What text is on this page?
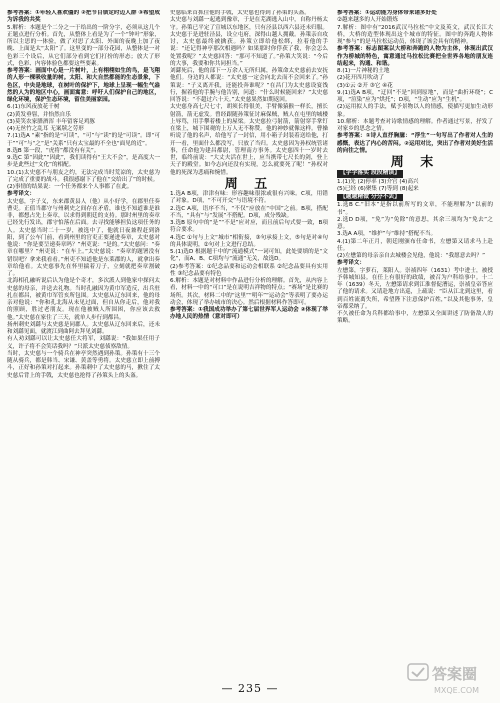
参考答案：①年轻人喜欢僵的 ②把节目锁定时迈人群 ③希望成为诉我的共奖

5.解析：本题是个二分之一于给出的一阶分字，必须从这几个正题点进行分析。首先，从整体上看是为了一个“钟叶”形象，所以主思的一体验，做了对思了太阳、外面的夜晚上加了夜晚、上面是太“太阳”了。这里变的一部分花园，从整体是一对色彩三个设后，从它们部分看到它们打扮的形态；放大了形式，色彩、内容体验色都要这些要素。

参考答案：画面中心是一片树叶，上有栩栩如生的鸟，是飞翔的人形一棵吸收量的树。太阳、和大自然都能的生态景象，下色区，中央是地球，在树叶的保护下，地球上呈现一幅生气盎然的人为的地区中心，画面寓意：呼吁人们保护自己的地区，绿化环境，保护生态环境，留住美丽家园。

6.(1)东风夜放花千树

(2)黄发垂髫，并怡然自乐

(3)莫笑农家腊酒浑 丰年留客足鸡豚

(4)无丝竹之乱耳 无案牍之劳形

7.(1)选A “素”指的是“可读”，“可”与“读”的是“可读”。即“可于”“可”与“之”是“关系”只有太宝最的不全也“面见的近”。

8.选B 第一段，“虎将”都没有有关”。

9.选C 第“因此”“因此”，我们读得有“王大不会”，是高度大一步是此些过“文化”的相配。

10.(1)太史慈不与朋友之约，无法完成当时荒凉的，太史慈为了完成了重要的战斗。我很感谢下了他在“交给出了”的时候。

(2)事情的结果说：一个任务都来个人事都了在此。

参考译文：

太史慈，字子义，东来郡黄县人（他）从小好学，在郡里任奏曹吏。正值当郡守与州刺史之间存在矛盾，谁也不知道谁是谁非，都想占先上奏章，以求得到朝廷的支持。那时州里的奏章已经先行发出，郡守怕落在后面。去寻找能够担负这项任务的人。太史慈当时二十一岁，被选中了，他就日夜兼程赶到洛阳，到了公车门前，看到州里的官吏正要递进奏章，太史慈对他说：“你是要呈递奏章吗？”州吏说：“是的。”太史慈问：“奏章在哪里？”州吏说：“在车上。”太史慈说：“奏章的题署没有错误吧？拿来我看看。”州吏不知道他是东莱郡的人，就拿出奏章给他看。太史慈事先在怀里揣着刀子，立刻就把奏章割破了。

北海相孔融听说后认为他是个奇才，多次派人到他家中探问太史慈的母亲，并送去礼物。当时孔融因为黄巾军造反，出兵驻扎在都昌，被黄巾军管亥所包围。太史慈从辽东回来，他的母亲对他说：“你和孔北海从未见过面，但自从你走后，他对我的照顾，胜过老朋友。现在他被贼人所围困，你应该去救他。”太史慈在家住了三天，就单人步行到都昌。

扬州刺史刘繇与太史慈是同郡人。太史慈从辽东回来后，还未和刘繇见面，就渡江到曲阿去拜见刘繇。

有人劝刘繇可以让太史慈任大将军，刘繇说：“我如果任用子义，许子将不会笑话我吗？”只派太史慈侦察敌情。

当时，太史慈与一个骑兵在神亭突然遇到孙策。孙策有十三个随从骑兵，都是韩当、宋谦、黄盖等勇将。太史慈立即上前搏斗，正好和孙策对打起来。孙策刺中了太史慈的马，揪住了太史慈后背上的手戟，太史慈也抢得了孙策头上的头盔。

史慈临来首抓住他的手戟，太史慈也得到了孙策的头盔。

太史慈与刘繇一起逃到豫章，于是在芜湖逃入山中，自称丹杨太守。孙策已平定了宣城以东地区，只有泾县以西六县还未归服。太史慈于是进驻泾县，设立屯府，深得山越人拥戴。孙策亲自攻讨，太史慈最终被擒获。孙策立即给他松绑，拉着他的手说：“还记得神亭那次相遇吗？如果那时你俘获了我，你会怎么处置我呢？”太史慈回答：“那可不知道了。”孙策大笑说：“今后的大事，我要和你共同担当。”

刘繇死后，他的部下一万余人无所归属，孙策命太史慈前去安抚他们。身边的人都说：“太史慈一定会向北去而不会回来了。”孙策说：“子义离开我，还能投奔谁呢？”在昌门为太史慈设宴饯行，握着他的手腕与他告别，问道：“什么时候能回来？”太史慈回答说：“不超过六十天。”太史慈果然如期返回。

太史慈身高七尺七寸，胡须长得很美，手臂像猿猴一样长，擅长射箭，箭无虚发。曾经跟随孙策征讨麻保贼，贼人在屯里的城楼上辱骂，用手攀着楼上的屋梁。太史慈拉弓射箭，箭射穿手掌钉在梁上，城下围观的上万人无不称赞。他的神妙就像这样。曹操听说了他的名声，给他写了一封信，用小箱子封装着送给他，打开一看，里面什么都没写，只放了当归。太史慈因为孙权统管诸事，任命他为建昌都尉，管理南方事务。太史慈四十一岁时去世，临终前说：“大丈夫活在世上，应当携带七尺长的剑，登上天子的殿堂。如今志向还没有实现，怎么就要死了呢！”孙权对他的死深为悲痛和惋惜。

周 五

1.选A B项，津津有味：形容趣味很浓或很有兴味。C项，用错了对象。D项，“不可开交”与语境不符。

2.选C A项，语序不当，“不仅”应放在“中国”之前。B项，搭配不当，“具有”与“发展”不搭配。D项，成分残缺。

3.选B 原句中的“是”“不是”应对应，而且前后句式要一致，B项符合要求。

4.选C ①句与上文“城市”相衔接，③句承接上文，⑤句是对④句的具体说明，②句对上文进行总结。

5.(1)选D 根据题干中的“流通模式”一词可知，此处要填的是“文化”，而A、B、C项均与“流通”无关，故选D。

(2)参考答案：①纪念品要和运动会相联系 ②纪念品要具有实用性 ③纪念品要有特色

6.解析：本题是对材料中作品进行分析的理解。首先，从内容上看，材料一中的“可口”是在说明吉祥物的特点；“赛场”是比赛的场所。其次，材料二中的“这里”“明年”“运动会”等表明了要办运动会，体现了举办城市的决心。然后根据材料作答即可。

参考答案：①我国成功举办了第七届世界军人运动会 ②体现了举办地人民的热情（意对即可）

参考答案：①运动能为身体带来诸多好处

②越来越多的人开始锻炼

7.解析：图中有“2016武汉马拉松”中文及英文，武汉长江大桥，大桥的造型体现出这个城市的特征。图中的奔跑人物体现“参与”的是马拉松运动员，体现了该会具有的精神。

参考答案：标志图案以大桥和奔跑的人物为主体，体现出武汉作为桥城的特色，寓意通过马拉松比赛把全世界各地的朋友连结起来，沟通、和谐。

8.(1)一片神秘的土地

(2)花开四月吹动了

(3)①云 ②开 ③它 ④花

9.(1)选A B项，“迂回”不是“回到原地”，而是“曲折环绕”；C项，“渲染”应为“烘托”；D项，“生动”应为“生机”。

(2)运用拟人的手法，赋予景物以人的情感，使描写更加生动形象。

10.解析：本题考查对诗歌情感的理解。作者通过写景，抒发了对家乡的思念之情。

参考答案：①诗人直抒胸臆：“浮生”一句写出了作者对人生的感慨，表达了内心的苦闷。②运用对比，突出了作者对美好生活的向往之情。

周 末
【字字落实 段段精读】

1.(1)先 (2)停率 (3)介官 (4)高兴

(5)已经 (6)聚集 (7)等到 (8)起来

【题题精做 分分不丢】

1.选B C.“旧本”是指以前所写的文章，不能理解为“以前的书”。

2.选D D项，“免”为“免除”的意思，其余三项均为“免去”之意。

3.选A A项，“维护”与“维持”搭配不当。

4.(1)第二年正月，朝廷刚颁布任命书，左懋第又请求马上赴任。

(2)左懋第的母亲亲自去城楼会见他，他说：“我愿意去吗？”

参考译文：

左懋第，字萝石，莱阳人。崇祯四年（1631）考中进士，被授予韩城知县。在任上有很好的政绩，被召为户科给事中。十二年（1639）冬天，左懋第请求到江淮督促漕运，崇祯皇帝答应了他的请求。又请赴地方出巡，上疏说：“臣从江北到这里，看到百姓流离失所，希望陛下注意保护百姓，”以及其他事务，皇帝都采纳了。

不久被任命为兵科都给事中，左懋第又全面讲述了防备敌人的策略。

— 235 —
答案圈
MXQE.COM
